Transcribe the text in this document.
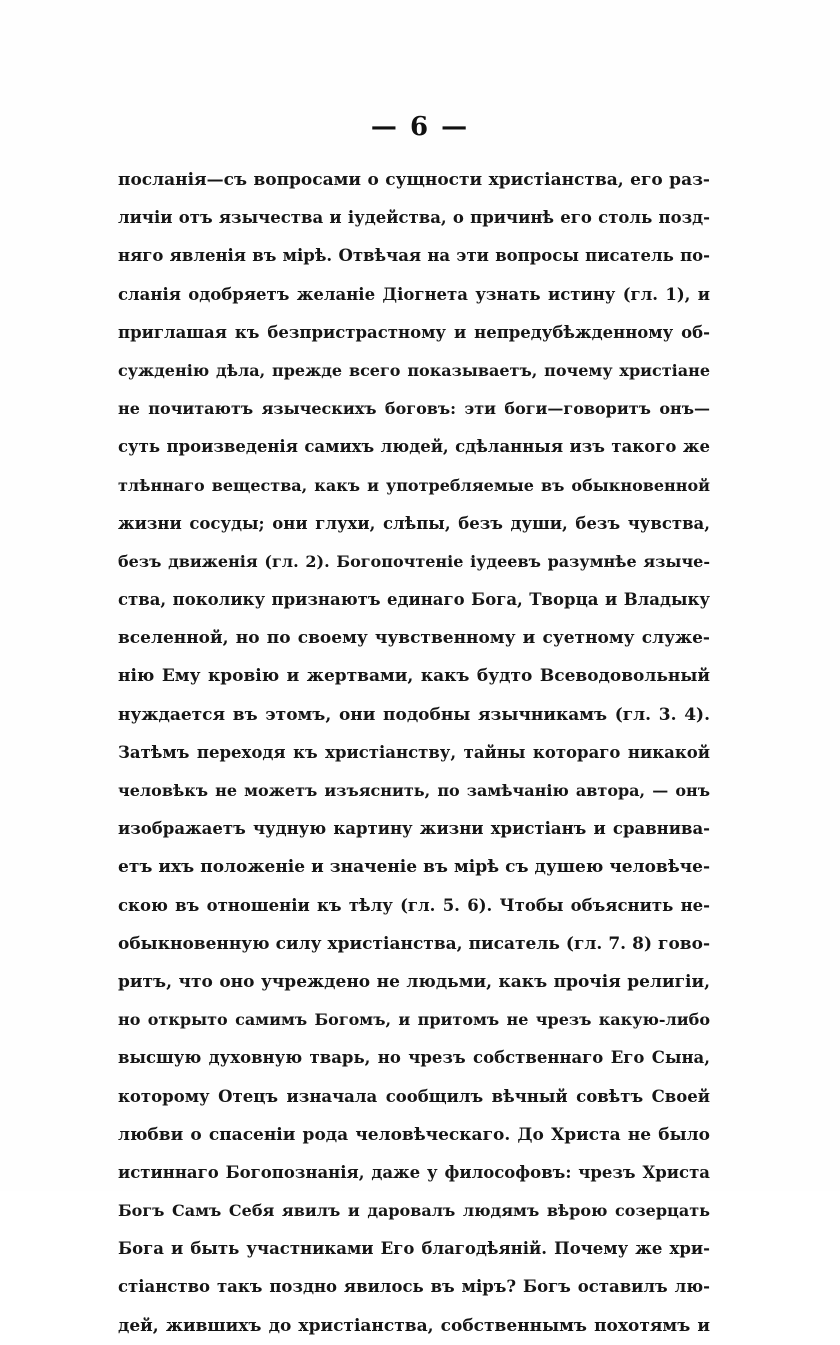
— 6 —
посланія—съ вопросами о сущности христіанства, его раз-
личіи отъ язычества и іудейства, о причинѣ его столь позд-
няго явленія въ мірѣ. Отвѣчая на эти вопросы писатель по-
сланія одобряетъ желаніе Діогнета узнать истину (гл. 1), и
приглашая къ безпристрастному и непредубѣжденному об-
сужденію дѣла, прежде всего показываетъ, почему христіане
не почитаютъ языческихъ боговъ: эти боги—говоритъ онъ—
суть произведенія самихъ людей, сдѣланныя изъ такого же
тлѣннаго вещества, какъ и употребляемые въ обыкновенной
жизни сосуды; они глухи, слѣпы, безъ души, безъ чувства,
безъ движенія (гл. 2). Богопочтеніе іудеевъ разумнѣе языче-
ства, поколику признаютъ единаго Бога, Творца и Владыку
вселенной, но по своему чувственному и суетному служе-
нію Ему кровію и жертвами, какъ будто Всеводовольный
нуждается въ этомъ, они подобны язычникамъ (гл. 3. 4).
Затѣмъ переходя къ христіанству, тайны котораго никакой
человѣкъ не можетъ изъяснить, по замѣчанію автора, — онъ
изображаетъ чудную картину жизни христіанъ и сравнива-
етъ ихъ положеніе и значеніе въ мірѣ съ душею человѣче-
скою въ отношеніи къ тѣлу (гл. 5. 6). Чтобы объяснить не-
обыкновенную силу христіанства, писатель (гл. 7. 8) гово-
ритъ, что оно учреждено не людьми, какъ прочія религіи,
но открыто самимъ Богомъ, и притомъ не чрезъ какую-либо
высшую духовную тварь, но чрезъ собственнаго Его Сына,
которому Отецъ изначала сообщилъ вѣчный совѣтъ Своей
любви о спасеніи рода человѣческаго. До Христа не было
истиннаго Богопознанія, даже у философовъ: чрезъ Христа
Богъ Самъ Себя явилъ и даровалъ людямъ вѣрою созерцать
Бога и быть участниками Его благодѣяній. Почему же хри-
стіанство такъ поздно явилось въ міръ? Богъ оставилъ лю-
дей, жившихъ до христіанства, собственнымъ похотямъ и
